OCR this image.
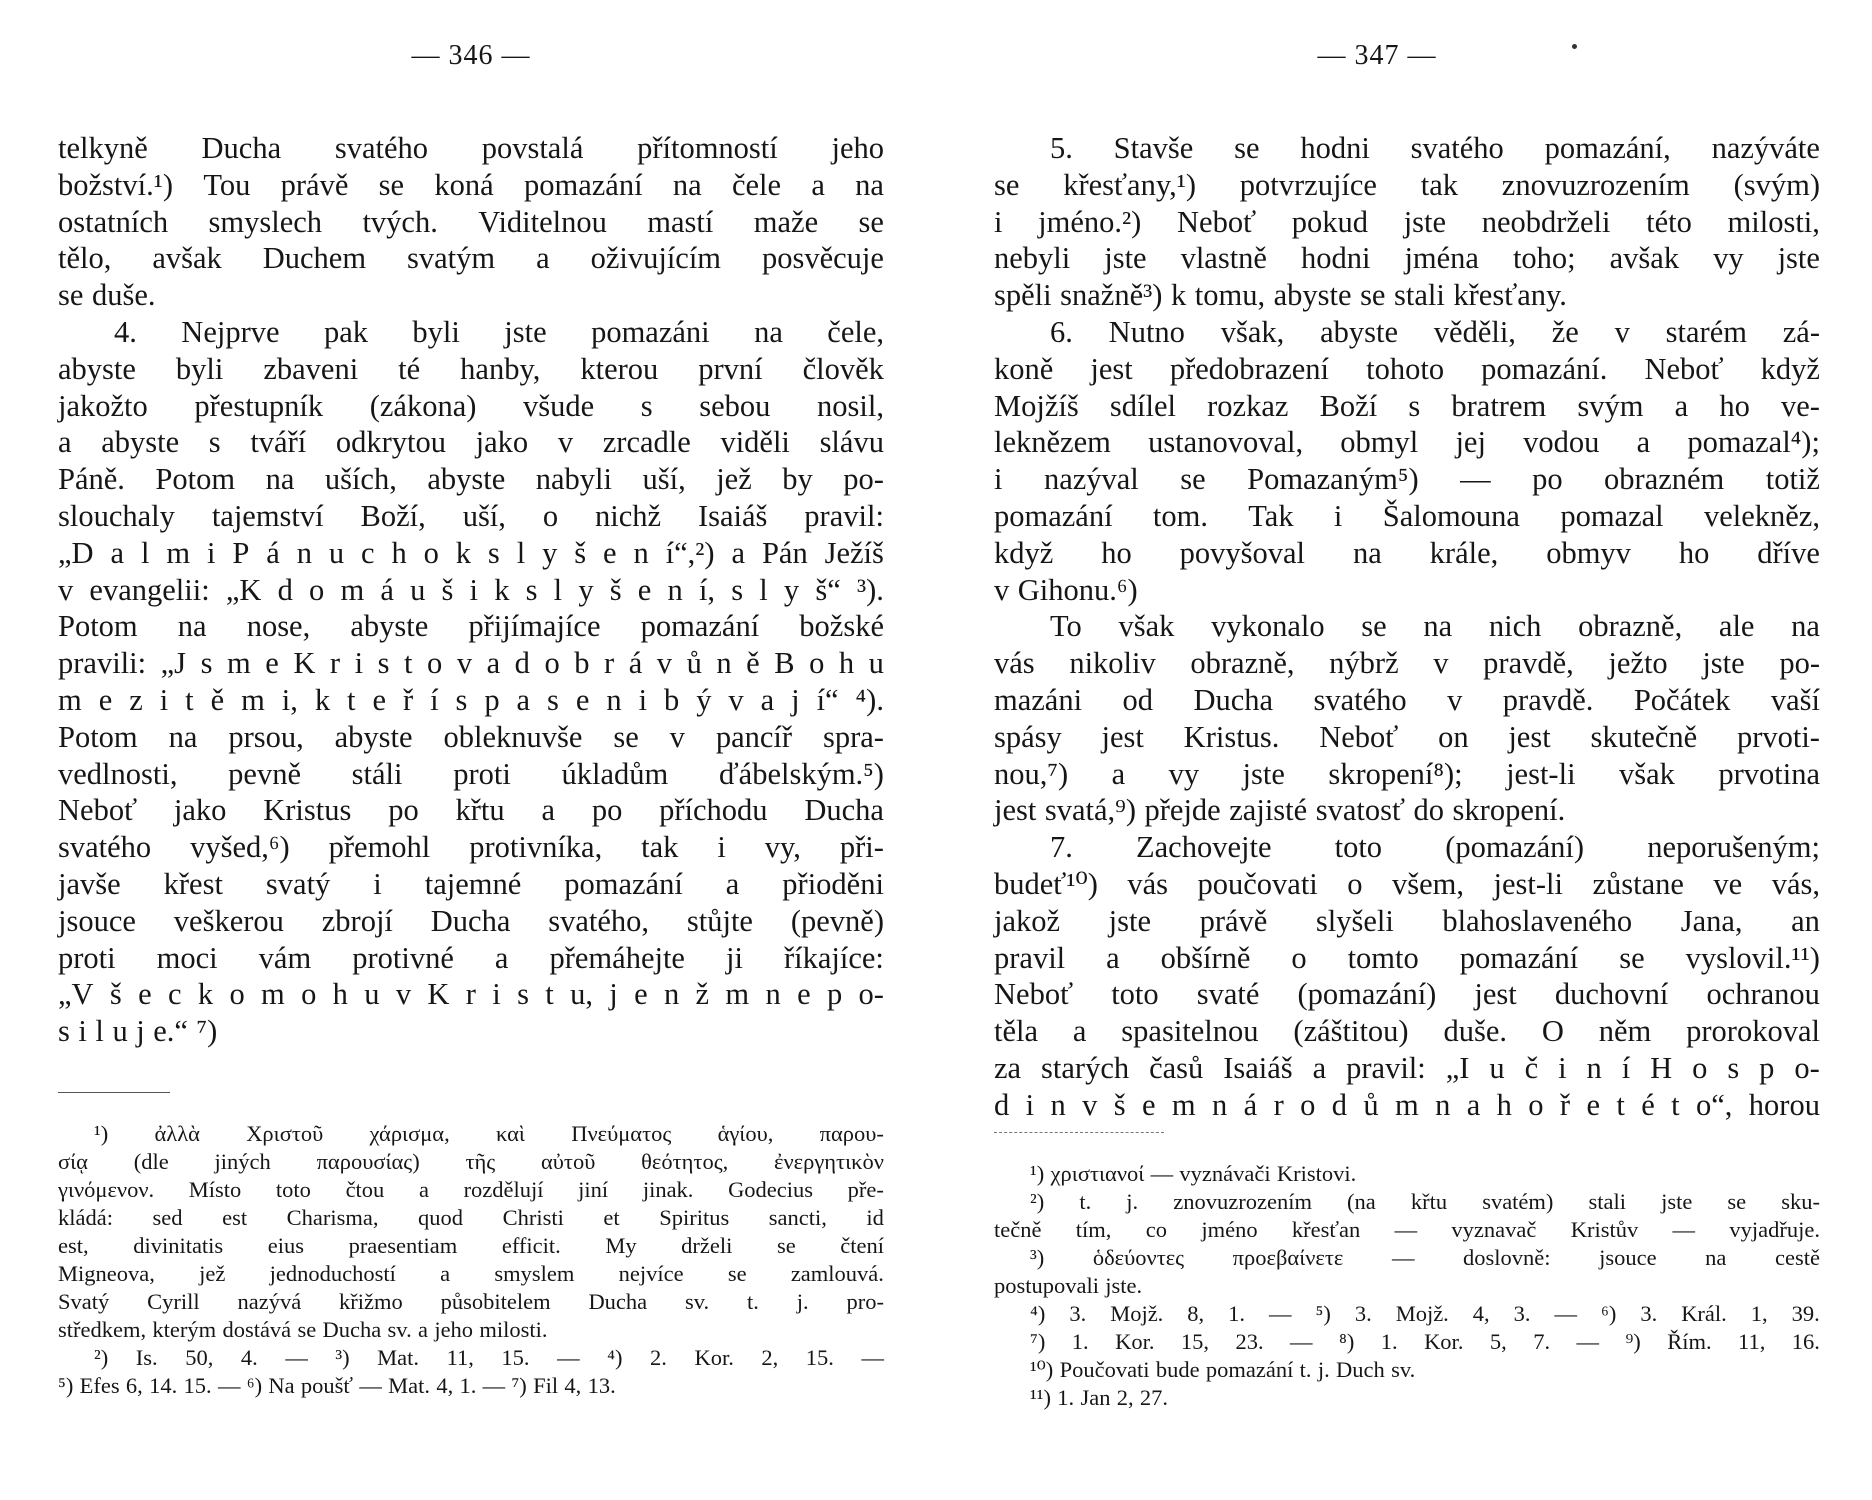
— 346 —
telkyně Ducha svatého povstalá přítomností jeho
božství.¹) Tou právě se koná pomazání na čele a na
ostatních smyslech tvých. Viditelnou mastí maže se
tělo, avšak Duchem svatým a oživujícím posvěcuje
se duše.
4. Nejprve pak byli jste pomazáni na čele,
abyste byli zbaveni té hanby, kterou první člověk
jakožto přestupník (zákona) všude s sebou nosil,
a abyste s tváří odkrytou jako v zrcadle viděli slávu
Páně. Potom na uších, abyste nabyli uší, jež by po-
slouchaly tajemství Boží, uší, o nichž Isaiáš pravil:
„D a l m i P á n u c h o k s l y š e n í“,²) a Pán Ježíš
v evangelii: „K d o m á u š i k s l y š e n í, s l y š“ ³).
Potom na nose, abyste přijímajíce pomazání božské
pravili: „J s m e K r i s t o v a d o b r á v ů n ě B o h u
m e z i t ě m i, k t e ř í s p a s e n i b ý v a j í“ ⁴).
Potom na prsou, abyste obleknuvše se v pancíř spra-
vedlnosti, pevně stáli proti úkladům ďábelským.⁵)
Neboť jako Kristus po křtu a po příchodu Ducha
svatého vyšed,⁶) přemohl protivníka, tak i vy, při-
javše křest svatý i tajemné pomazání a přioděni
jsouce veškerou zbrojí Ducha svatého, stůjte (pevně)
proti moci vám protivné a přemáhejte ji říkajíce:
„V š e c k o m o h u v K r i s t u, j e n ž m n e p o-
s i l u j e.“ ⁷)
¹) ἀλλὰ Χριστοῦ χάρισμα, καὶ Πνεύματος ἁγίου, παρου-
σίᾳ (dle jiných παρουσίας) τῆς αὐτοῦ θεότητος, ἐνεργητικὸν
γινόμενον. Místo toto čtou a rozdělují jiní jinak. Godecius pře-
kládá: sed est Charisma, quod Christi et Spiritus sancti, id
est, divinitatis eius praesentiam efficit. My drželi se čtení
Migneova, jež jednoduchostí a smyslem nejvíce se zamlouvá.
Svatý Cyrill nazývá křižmo působitelem Ducha sv. t. j. pro-
středkem, kterým dostává se Ducha sv. a jeho milosti.
²) Is. 50, 4. — ³) Mat. 11, 15. — ⁴) 2. Kor. 2, 15. —
⁵) Efes 6, 14. 15. — ⁶) Na poušť — Mat. 4, 1. — ⁷) Fil 4, 13.
— 347 —
5. Stavše se hodni svatého pomazání, nazýváte
se křesťany,¹) potvrzujíce tak znovuzrozením (svým)
i jméno.²) Neboť pokud jste neobdrželi této milosti,
nebyli jste vlastně hodni jména toho; avšak vy jste
spěli snažně³) k tomu, abyste se stali křesťany.
6. Nutno však, abyste věděli, že v starém zá-
koně jest předobrazení tohoto pomazání. Neboť když
Mojžíš sdílel rozkaz Boží s bratrem svým a ho ve-
leknězem ustanovoval, obmyl jej vodou a pomazal⁴);
i nazýval se Pomazaným⁵) — po obrazném totiž
pomazání tom. Tak i Šalomouna pomazal velekněz,
když ho povyšoval na krále, obmyv ho dříve
v Gihonu.⁶)
To však vykonalo se na nich obrazně, ale na
vás nikoliv obrazně, nýbrž v pravdě, ježto jste po-
mazáni od Ducha svatého v pravdě. Počátek vaší
spásy jest Kristus. Neboť on jest skutečně prvoti-
nou,⁷) a vy jste skropení⁸); jest-li však prvotina
jest svatá,⁹) přejde zajisté svatosť do skropení.
7. Zachovejte toto (pomazání) neporušeným;
budeť¹⁰) vás poučovati o všem, jest-li zůstane ve vás,
jakož jste právě slyšeli blahoslaveného Jana, an
pravil a obšírně o tomto pomazání se vyslovil.¹¹)
Neboť toto svaté (pomazání) jest duchovní ochranou
těla a spasitelnou (záštitou) duše. O něm prorokoval
za starých časů Isaiáš a pravil: „I u č i n í H o s p o-
d i n v š e m n á r o d ů m n a h o ř e t é t o“, horou
¹) χριστιανοί — vyznávači Kristovi.
²) t. j. znovuzrozením (na křtu svatém) stali jste se sku-
tečně tím, co jméno křesťan — vyznavač Kristův — vyjadřuje.
³) ὁδεύοντες προεβαίνετε — doslovně: jsouce na cestě
postupovali jste.
⁴) 3. Mojž. 8, 1. — ⁵) 3. Mojž. 4, 3. — ⁶) 3. Král. 1, 39.
⁷) 1. Kor. 15, 23. — ⁸) 1. Kor. 5, 7. — ⁹) Řím. 11, 16.
¹⁰) Poučovati bude pomazání t. j. Duch sv.
¹¹) 1. Jan 2, 27.
